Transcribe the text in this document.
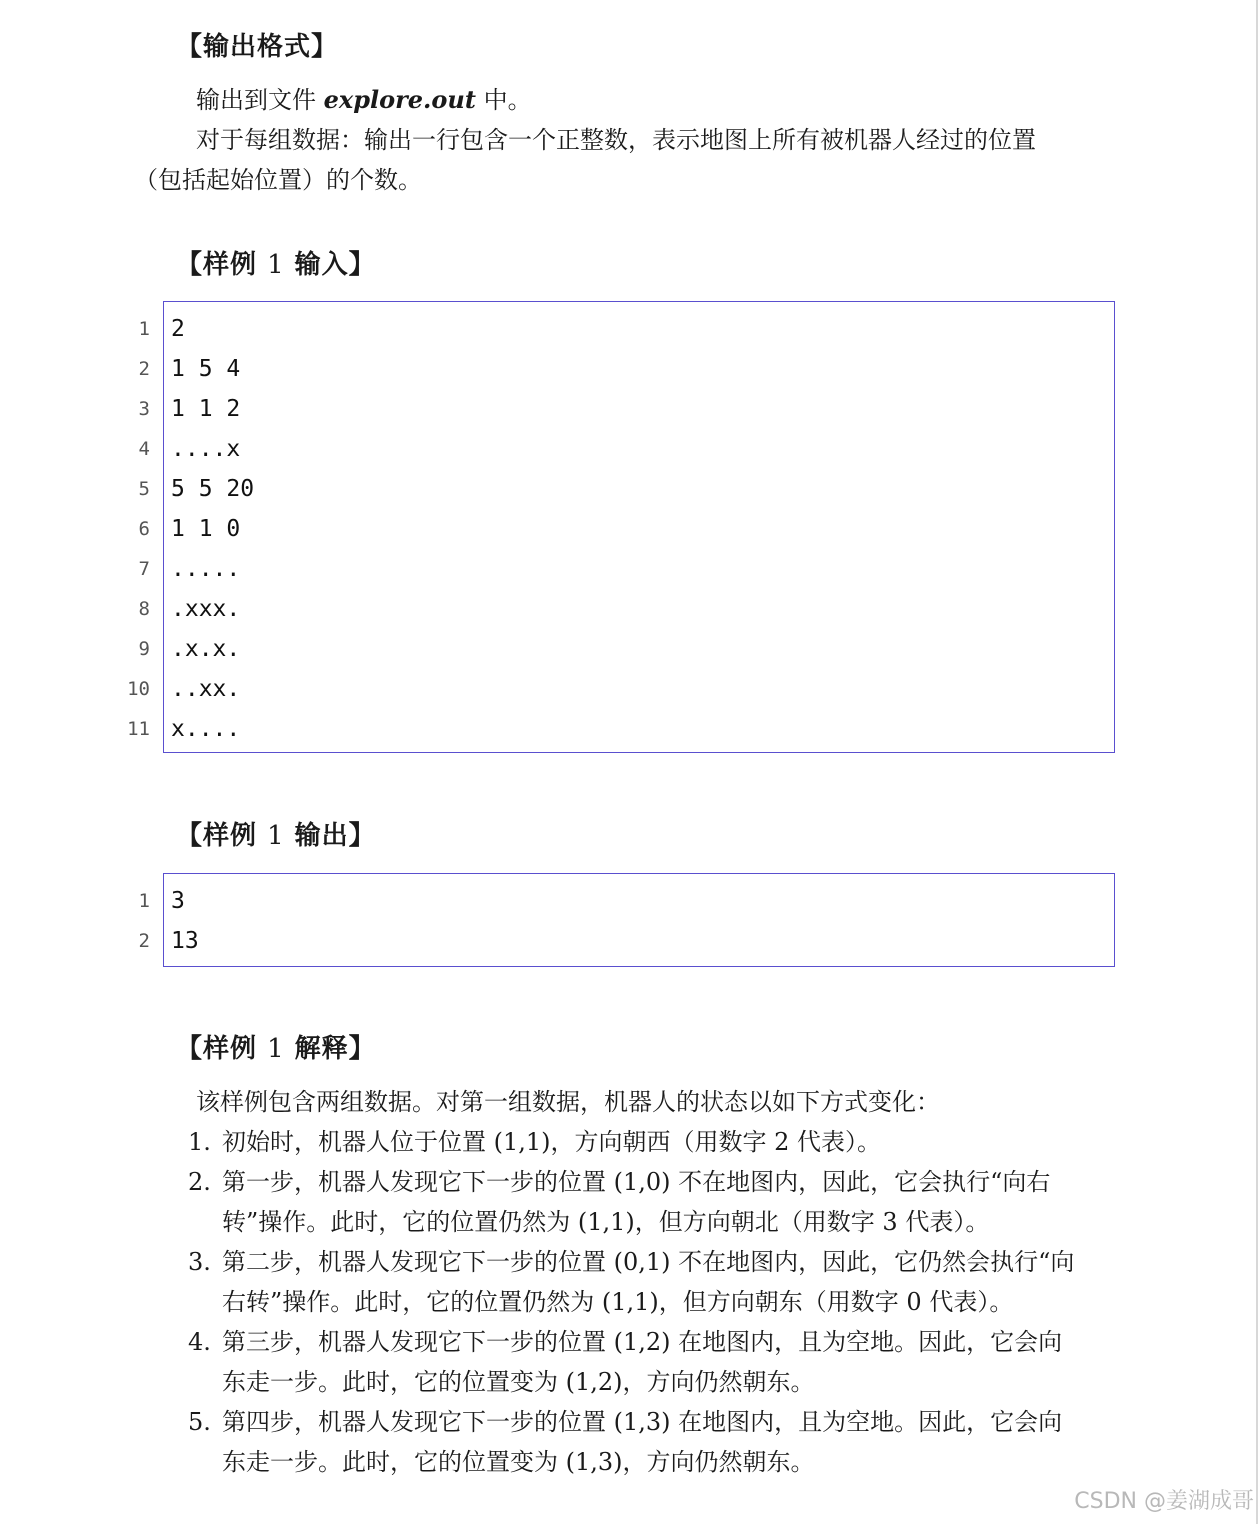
【输出格式】
输出到文件 explore.out 中。
对于每组数据：输出一行包含一个正整数，表示地图上所有被机器人经过的位置
（包括起始位置）的个数。
【样例 1 输入】
1 2
2 1 5 4
3 1 1 2
4 ....x
5 5 5 20
6 1 1 0
7 .....
8 .xxx.
9 .x.x.
10 ..xx.
11 x....
【样例 1 输出】
1 3
2 13
【样例 1 解释】
该样例包含两组数据。对第一组数据，机器人的状态以如下方式变化：
1. 初始时，机器人位于位置 (1,1)，方向朝西（用数字 2 代表）。
2. 第一步，机器人发现它下一步的位置 (1,0) 不在地图内，因此，它会执行“向右
转”操作。此时，它的位置仍然为 (1,1)，但方向朝北（用数字 3 代表）。
3. 第二步，机器人发现它下一步的位置 (0,1) 不在地图内，因此，它仍然会执行“向
右转”操作。此时，它的位置仍然为 (1,1)，但方向朝东（用数字 0 代表）。
4. 第三步，机器人发现它下一步的位置 (1,2) 在地图内，且为空地。因此，它会向
东走一步。此时，它的位置变为 (1,2)，方向仍然朝东。
5. 第四步，机器人发现它下一步的位置 (1,3) 在地图内，且为空地。因此，它会向
东走一步。此时，它的位置变为 (1,3)，方向仍然朝东。
CSDN @姜湖成哥
